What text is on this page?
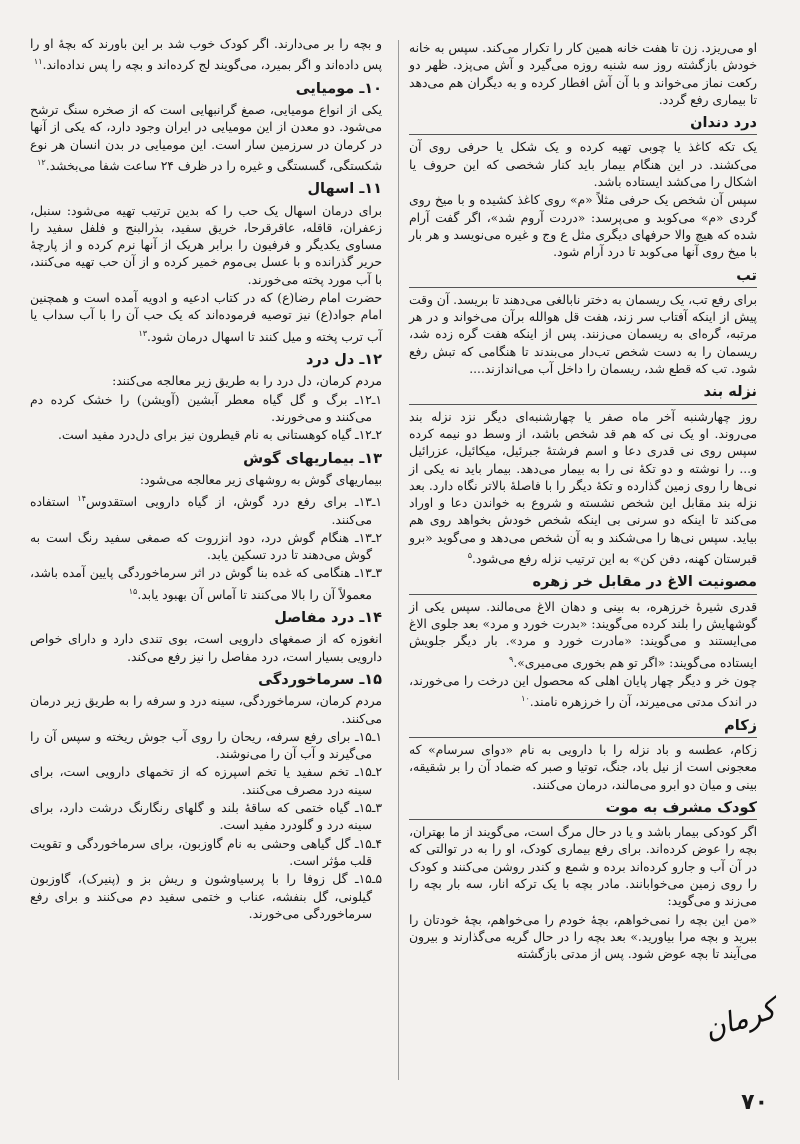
او می‌ریزد. زن تا هفت خانه همین کار را تکرار می‌کند. سپس به خانه خودش بازگشته روز سه شنبه روزه می‌گیرد و آش می‌پزد. ظهر دو رکعت نماز می‌خواند و با آن آش افطار کرده و به دیگران هم می‌دهد تا بیماری رفع گردد.

درد دندان

یک تکه کاغذ یا چوبی تهیه کرده و یک شکل یا حرفی روی آن می‌کشند. در این هنگام بیمار باید کنار شخصی که این حروف یا اشکال را می‌کشد ایستاده باشد.

سپس آن شخص یک حرفی مثلاً «م» روی کاغذ کشیده و با میخ روی گردی «م» می‌کوبد و می‌پرسد: «دردت آروم شد»، اگر گفت آرام شده که هیچ والا حرفهای دیگری مثل ع وج و غیره می‌نویسد و هر بار با میخ روی آنها می‌کوبد تا درد آرام شود.

تب

برای رفع تب، یک ریسمان به دختر نابالغی می‌دهند تا بریسد. آن وقت پیش از اینکه آفتاب سر زند، هفت قل هوالله برآن می‌خواند و در هر مرتبه، گره‌ای به ریسمان می‌زنند. پس از اینکه هفت گره زده شد، ریسمان را به دست شخص تب‌دار می‌بندند تا هنگامی که تبش رفع شود. تب که قطع شد، ریسمان را داخل آب می‌اندازند....

نزله بند

روز چهارشنبه آخر ماه صفر یا چهارشنبه‌ای دیگر نزد نزله بند می‌روند. او یک نی که هم قد شخص باشد، از وسط دو نیمه کرده سپس روی نی قدری دعا و اسم فرشتهٔ جبرئیل، میکائیل، عزرائیل و... را نوشته و دو تکهٔ نی را به بیمار می‌دهد. بیمار باید نه یکی از نی‌ها را روی زمین گذارده و تکهٔ دیگر را با فاصلهٔ بالاتر نگاه دارد. بعد نزله بند مقابل این شخص نشسته و شروع به خواندن دعا و اوراد می‌کند تا اینکه دو سرنی بی اینکه شخص خودش بخواهد روی هم بیاید. سپس نی‌ها را می‌شکند و به آن شخص می‌دهد و می‌گوید «برو قبرستان کهنه، دفن کن» به این ترتیب نزله رفع می‌شود.$^۵$

مصونیت الاغ در مقابل خر زهره

قدری شیرهٔ خرزهره، به بینی و دهان الاغ می‌مالند. سپس یکی از گوشهایش را بلند کرده می‌گویند: «بدرت خورد و مرد» بعد جلوی الاغ می‌ایستند و می‌گویند: «مادرت خورد و مرد». بار دیگر جلویش ایستاده می‌گویند: «اگر تو هم بخوری می‌میری».$^۹$

چون خر و دیگر چهار پایان اهلی که محصول این درخت را می‌خورند، در اندک مدتی می‌میرند، آن را خرزهره نامند.$^{۱۰}$

زکام

زکام، عطسه و باد نزله را با دارویی به نام «دوای سرسام» که معجونی است از نیل باد، جنگ، توتیا و صبر که ضماد آن را بر شقیقه، بینی و میان دو ابرو می‌مالند، درمان می‌کنند.

کودک مشرف به موت

اگر کودکی بیمار باشد و یا در حال مرگ است، می‌گویند از ما بهتران، بچه را عوض کرده‌اند. برای رفع بیماری کودک، او را به در توالتی که در آن آب و جارو کرده‌اند برده و شمع و کندر روشن می‌کنند و کودک را روی زمین می‌خوابانند. مادر بچه با یک ترکه انار، سه بار بچه را می‌زند و می‌گوید:

«من این بچه را نمی‌خواهم، بچهٔ خودم را می‌خواهم، بچهٔ خودتان را ببرید و بچه مرا بیاورید.» بعد بچه را در حال گریه می‌گذارند و بیرون می‌آیند تا بچه عوض شود. پس از مدتی بازگشته

و بچه را بر می‌دارند. اگر کودک خوب شد بر این باورند که بچهٔ او را پس داده‌اند و اگر بمیرد، می‌گویند لج کرده‌اند و بچه را پس نداده‌اند.$^{۱۱}$

۱۰ـ مومیایی

یکی از انواع مومیایی، صمغ گرانبهایی است که از صخره سنگ ترشح می‌شود. دو معدن از این مومیایی در ایران وجود دارد، که یکی از آنها در کرمان در سرزمین سار است. این مومیایی در بدن انسان هر نوع شکستگی، گسستگی و غیره را در ظرف ۲۴ ساعت شفا می‌بخشد.$^{۱۲}$

۱۱ـ اسهال

برای درمان اسهال یک حب را که بدین ترتیب تهیه می‌شود: سنبل، زعفران، قاقله، عاقرقرحا، خریق سفید، بذرالبنج و فلفل سفید را مساوی یکدیگر و فرفیون را برابر هریک از آنها نرم کرده و از پارچهٔ حریر گذرانده و با عسل بی‌موم خمیر کرده و از آن حب تهیه می‌کنند، با آب مورد پخته می‌خورند.

حضرت امام رضا(ع) که در کتاب ادعیه و ادویه آمده است و همچنین امام جواد(ع) نیز توصیه فرموده‌اند که یک حب آن را با آب سداب یا آب ترب پخته و میل کنند تا اسهال درمان شود.$^{۱۳}$

۱۲ـ دل درد

مردم کرمان، دل درد را به طریق زیر معالجه می‌کنند:

۱ـ۱۲ـ برگ و گل گیاه معطر آبشین (آویشن) را خشک کرده دم می‌کنند و می‌خورند.

۲ـ۱۲ـ گیاه کوهستانی به نام قیطرون نیز برای دل‌درد مفید است.

۱۳ـ بیماریهای گوش

بیماریهای گوش به روشهای زیر معالجه می‌شود:

۱ـ۱۳ـ برای رفع درد گوش، از گیاه دارویی استقدوس$^{۱۴}$ استفاده می‌کنند.

۲ـ۱۳ـ هنگام گوش درد، دود انزروت که صمغی سفید رنگ است به گوش می‌دهند تا درد تسکین یابد.

۳ـ۱۳ـ هنگامی که غده بنا گوش در اثر سرماخوردگی پایین آمده باشد، معمولاً آن را بالا می‌کنند تا آماس آن بهبود یابد.$^{۱۵}$

۱۴ـ درد مفاصل

انغوزه که از صمغهای دارویی است، بوی تندی دارد و دارای خواص دارویی بسیار است، درد مفاصل را نیز رفع می‌کند.

۱۵ـ سرماخوردگی

مردم کرمان، سرماخوردگی، سینه درد و سرفه را به طریق زیر درمان می‌کنند.

۱ـ۱۵ـ برای رفع سرفه، ریحان را روی آب جوش ریخته و سپس آن را می‌گیرند و آب آن را می‌نوشند.

۲ـ۱۵ـ تخم سفید یا تخم اسپرزه که از تخمهای دارویی است، برای سینه درد مصرف می‌کنند.

۳ـ۱۵ـ گیاه ختمی که ساقهٔ بلند و گلهای رنگارنگ درشت دارد، برای سینه درد و گلودرد مفید است.

۴ـ۱۵ـ گل گیاهی وحشی به نام گاوزبون، برای سرماخوردگی و تقویت قلب مؤثر است.

۵ـ۱۵ـ گل زوفا را با پرسیاوشون و ریش بز و (پنیرک)، گاوزبون گیلونی، گل بنفشه، عناب و ختمی سفید دم می‌کنند و برای رفع سرماخوردگی می‌خورند.

کرمان
۷۰
